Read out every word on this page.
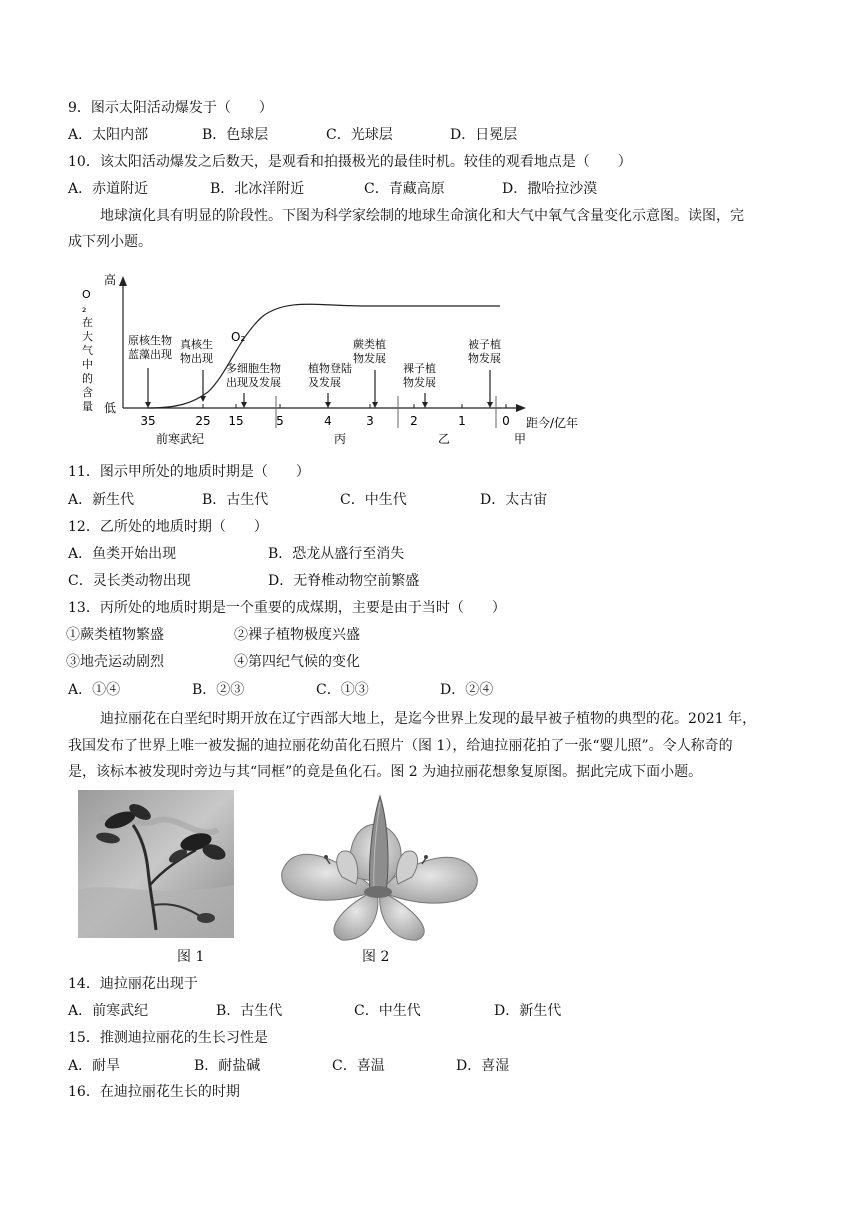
9．图示太阳活动爆发于（　　）
A．太阳内部	B．色球层	C．光球层	D．日冕层
10．该太阳活动爆发之后数天，是观看和拍摄极光的最佳时机。较佳的观看地点是（　　）
A．赤道附近	B．北冰洋附近	C．青藏高原	D．撒哈拉沙漠
地球演化具有明显的阶段性。下图为科学家绘制的地球生命演化和大气中氧气含量变化示意图。读图，完
成下列小题。
高
低
O ₂ 在大气中的含量
O₂
35	25 15	5	4	3	2	1	0
原核生物蓝藻出现
真核生物出现
多细胞生物出现及发展
植物登陆及发展
蕨类植物发展
裸子植物发展
被子植物发展
前寒武纪	丙	乙	甲
距今/亿年
11．图示甲所处的地质时期是（　　）
A．新生代	B．古生代	C．中生代	D．太古宙
12．乙所处的地质时期（　　）
A．鱼类开始出现	B．恐龙从盛行至消失
C．灵长类动物出现	D．无脊椎动物空前繁盛
13．丙所处的地质时期是一个重要的成煤期，主要是由于当时（　　）
①蕨类植物繁盛	②裸子植物极度兴盛
③地壳运动剧烈	④第四纪气候的变化
A．①④	B．②③	C．①③	D．②④
迪拉丽花在白垩纪时期开放在辽宁西部大地上，是迄今世界上发现的最早被子植物的典型的花。2021 年，
我国发布了世界上唯一被发掘的迪拉丽花幼苗化石照片（图 1），给迪拉丽花拍了一张“婴儿照”。令人称奇的
是，该标本被发现时旁边与其“同框”的竟是鱼化石。图 2 为迪拉丽花想象复原图。据此完成下面小题。
图 1	图 2
14．迪拉丽花出现于
A．前寒武纪	B．古生代	C．中生代	D．新生代
15．推测迪拉丽花的生长习性是
A．耐旱	B．耐盐碱	C．喜温	D．喜湿
16．在迪拉丽花生长的时期
